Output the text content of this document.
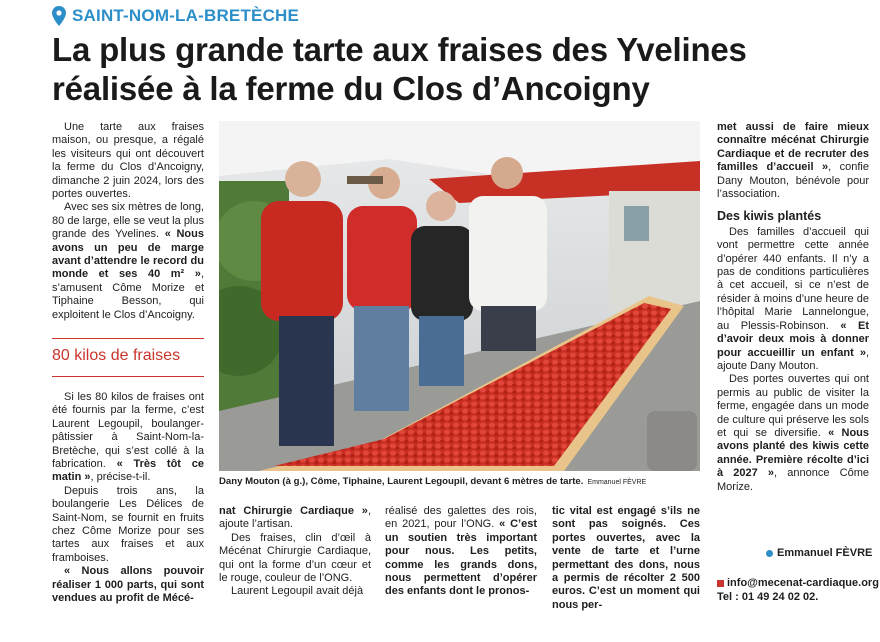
SAINT-NOM-LA-BRETÈCHE
La plus grande tarte aux fraises des Yvelines
réalisée à la ferme du Clos d’Ancoigny

Une tarte aux fraises maison, ou presque, a régalé les visiteurs qui ont découvert la ferme du Clos d’Ancoigny, dimanche 2 juin 2024, lors des portes ouvertes.

Avec ses six mètres de long, 80 de large, elle se veut la plus grande des Yvelines. « Nous avons un peu de marge avant d’attendre le record du monde et ses 40 m² », s’amusent Côme Morize et Tiphaine Besson, qui exploitent le Clos d’Ancoigny.

80 kilos de fraises

Si les 80 kilos de fraises ont été fournis par la ferme, c’est Laurent Legoupil, boulanger-pâtissier à Saint-Nom-la-Bretèche, qui s’est collé à la fabrication. « Très tôt ce matin », précise-t-il.

Depuis trois ans, la boulangerie Les Délices de Saint-Nom, se fournit en fruits chez Côme Morize pour ses tartes aux fraises et aux framboises.

« Nous allons pouvoir réaliser 1 000 parts, qui sont vendues au profit de Mécé-

Dany Mouton (à g.), Côme, Tiphaine, Laurent Legoupil, devant 6 mètres de tarte. Emmanuel FÈVRE

nat Chirurgie Cardiaque », ajoute l’artisan.

Des fraises, clin d’œil à Mécénat Chirurgie Cardiaque, qui ont la forme d’un cœur et le rouge, couleur de l’ONG.

Laurent Legoupil avait déjà

réalisé des galettes des rois, en 2021, pour l’ONG. « C’est un soutien très important pour nous. Les petits, comme les grands dons, nous permettent d’opérer des enfants dont le pronos-

tic vital est engagé s’ils ne sont pas soignés. Ces portes ouvertes, avec la vente de tarte et l’urne permettant des dons, nous a permis de récolter 2 500 euros. C’est un moment qui nous per-

met aussi de faire mieux connaître mécénat Chirurgie Cardiaque et de recruter des familles d’accueil », confie Dany Mouton, bénévole pour l’association.

Des kiwis plantés

Des familles d’accueil qui vont permettre cette année d’opérer 440 enfants. Il n’y a pas de conditions particulières à cet accueil, si ce n’est de résider à moins d’une heure de l’hôpital Marie Lannelongue, au Plessis-Robinson. « Et d’avoir deux mois à donner pour accueillir un enfant », ajoute Dany Mouton.

Des portes ouvertes qui ont permis au public de visiter la ferme, engagée dans un mode de culture qui préserve les sols et qui se diversifie. « Nous avons planté des kiwis cette année. Première récolte d’ici à 2027 », annonce Côme Morize.

Emmanuel FÈVRE
info@mecenat-cardiaque.org
Tel : 01 49 24 02 02.
